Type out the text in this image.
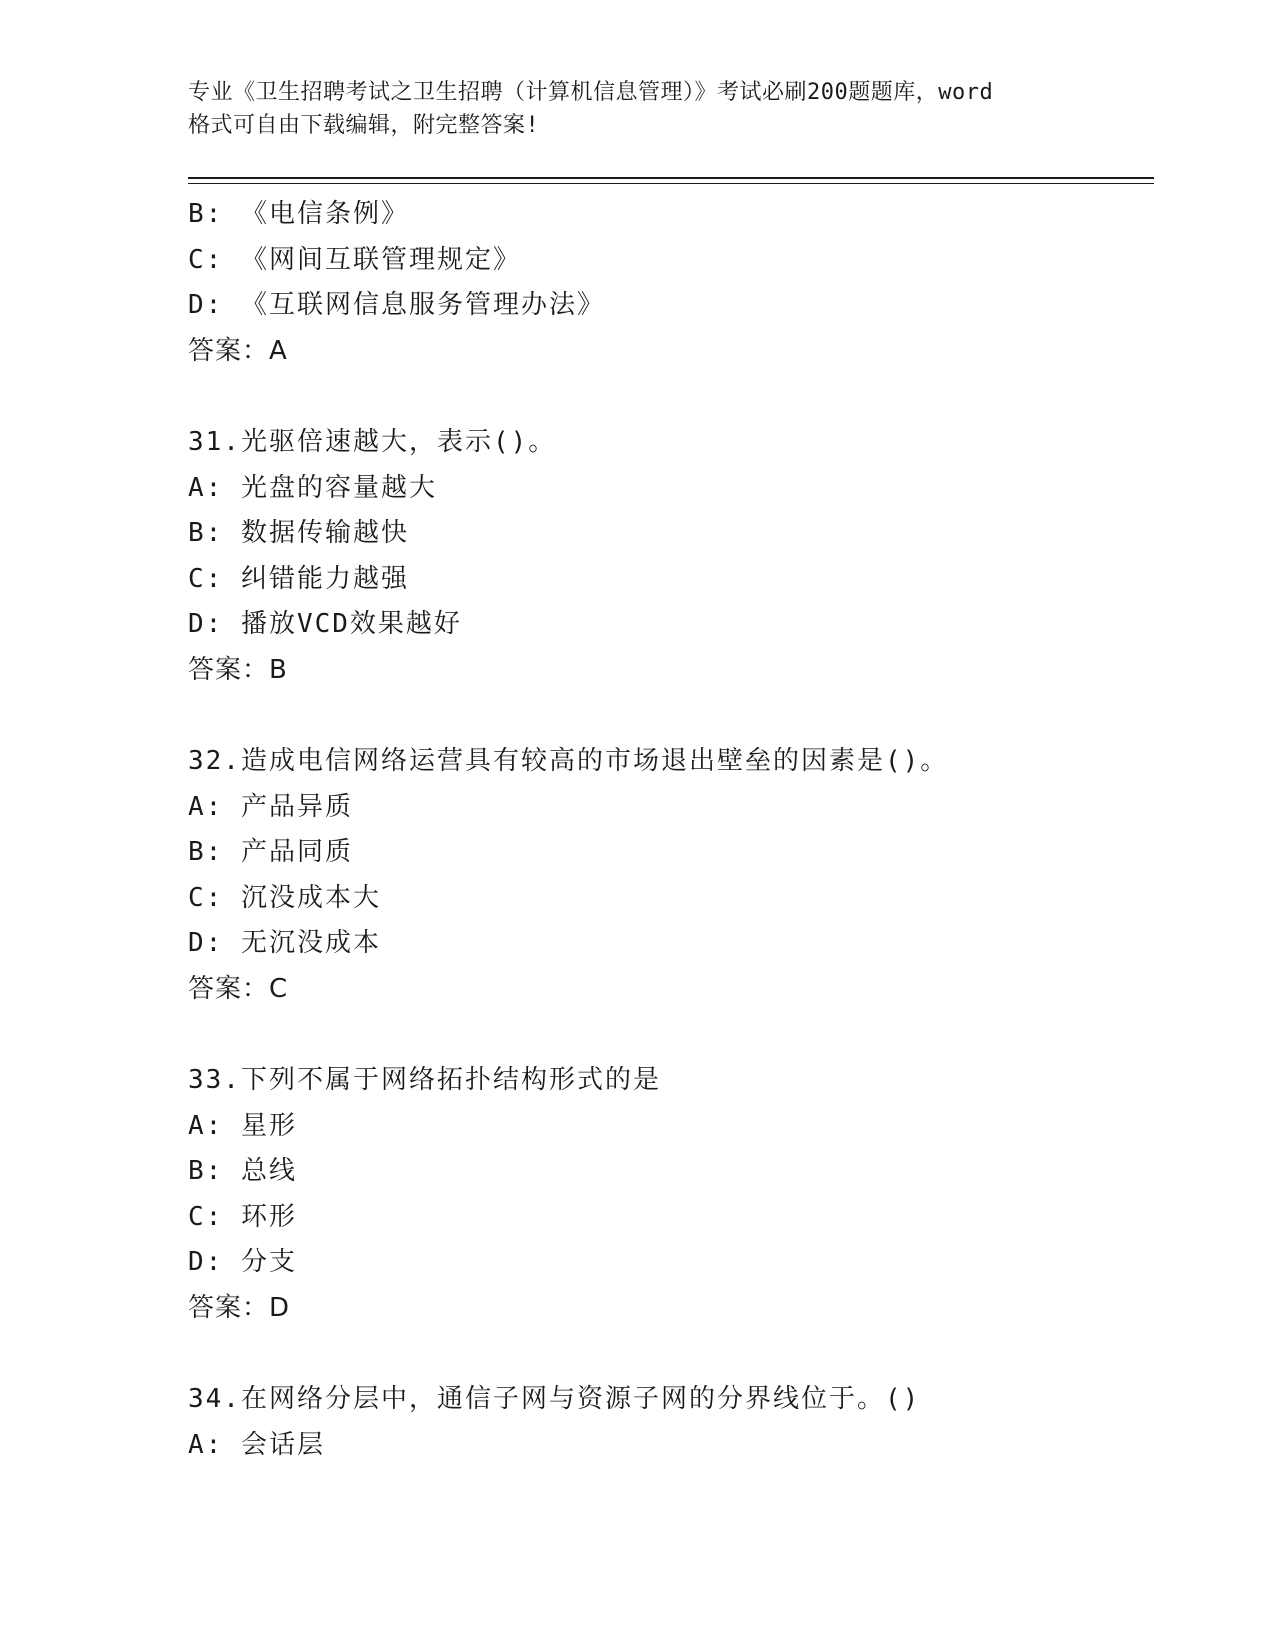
专业《卫生招聘考试之卫生招聘（计算机信息管理）》考试必刷200题题库，word
格式可自由下载编辑，附完整答案!
B: 《电信条例》
C: 《网间互联管理规定》
D: 《互联网信息服务管理办法》
答案：A
31.光驱倍速越大，表示()。
A: 光盘的容量越大
B: 数据传输越快
C: 纠错能力越强
D: 播放VCD效果越好
答案：B
32.造成电信网络运营具有较高的市场退出壁垒的因素是()。
A: 产品异质
B: 产品同质
C: 沉没成本大
D: 无沉没成本
答案：C
33.下列不属于网络拓扑结构形式的是
A: 星形
B: 总线
C: 环形
D: 分支
答案：D
34.在网络分层中，通信子网与资源子网的分界线位于。()
A: 会话层
